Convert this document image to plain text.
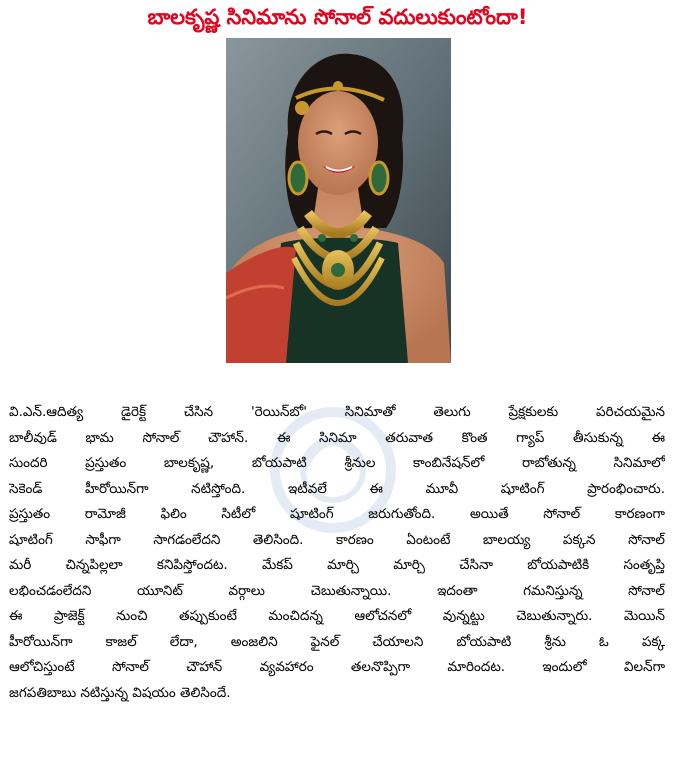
బాలకృష్ణ సినిమాను సోనాల్ వదులుకుంటోందా!
వి.ఎన్.ఆదిత్య డైరెక్ట్ చేసిన 'రెయిన్‌బో' సినిమాతో తెలుగు ప్రేక్షకులకు పరిచయమైన
బాలీవుడ్ భామ సోనాల్ చౌహాన్. ఈ సినిమా తరువాత కొంత గ్యాప్ తీసుకున్న ఈ
సుందరి ప్రస్తుతం బాలకృష్ణ, బోయపాటి శ్రీనుల కాంబినేషన్‌లో రాబోతున్న సినిమాలో
సెకెండ్ హీరోయిన్‌గా నటిస్తోంది. ఇటీవలే ఈ మూవీ షూటింగ్ ప్రారంభించారు.
ప్రస్తుతం రామోజీ ఫిలిం సిటీలో షూటింగ్ జరుగుతోంది. అయితే సోనాల్ కారణంగా
షూటింగ్ సాఫీగా సాగడంలేదని తెలిసింది. కారణం ఏంటంటే బాలయ్య పక్కన సోనాల్
మరీ చిన్నపిల్లలా కనిపిస్తోందట. మేకప్ మార్చి మార్చి చేసినా బోయపాటికి సంతృప్తి
లభించడంలేదని యూనిట్ వర్గాలు చెబుతున్నాయి. ఇదంతా గమనిస్తున్న సోనాల్
ఈ ప్రాజెక్ట్ నుంచి తప్పుకుంటే మంచిదన్న ఆలోచనలో వున్నట్టు చెబుతున్నారు. మెయిన్
హీరోయిన్‌గా కాజల్ లేదా, అంజలిని ఫైనల్ చేయాలని బోయపాటి శ్రీను ఓ పక్క
ఆలోచిస్తుంటే సోనాల్ చౌహాన్ వ్యవహారం తలనొప్పిగా మారిందట. ఇందులో విలన్‌గా
జగపతిబాబు నటిస్తున్న విషయం తెలిసిందే.
